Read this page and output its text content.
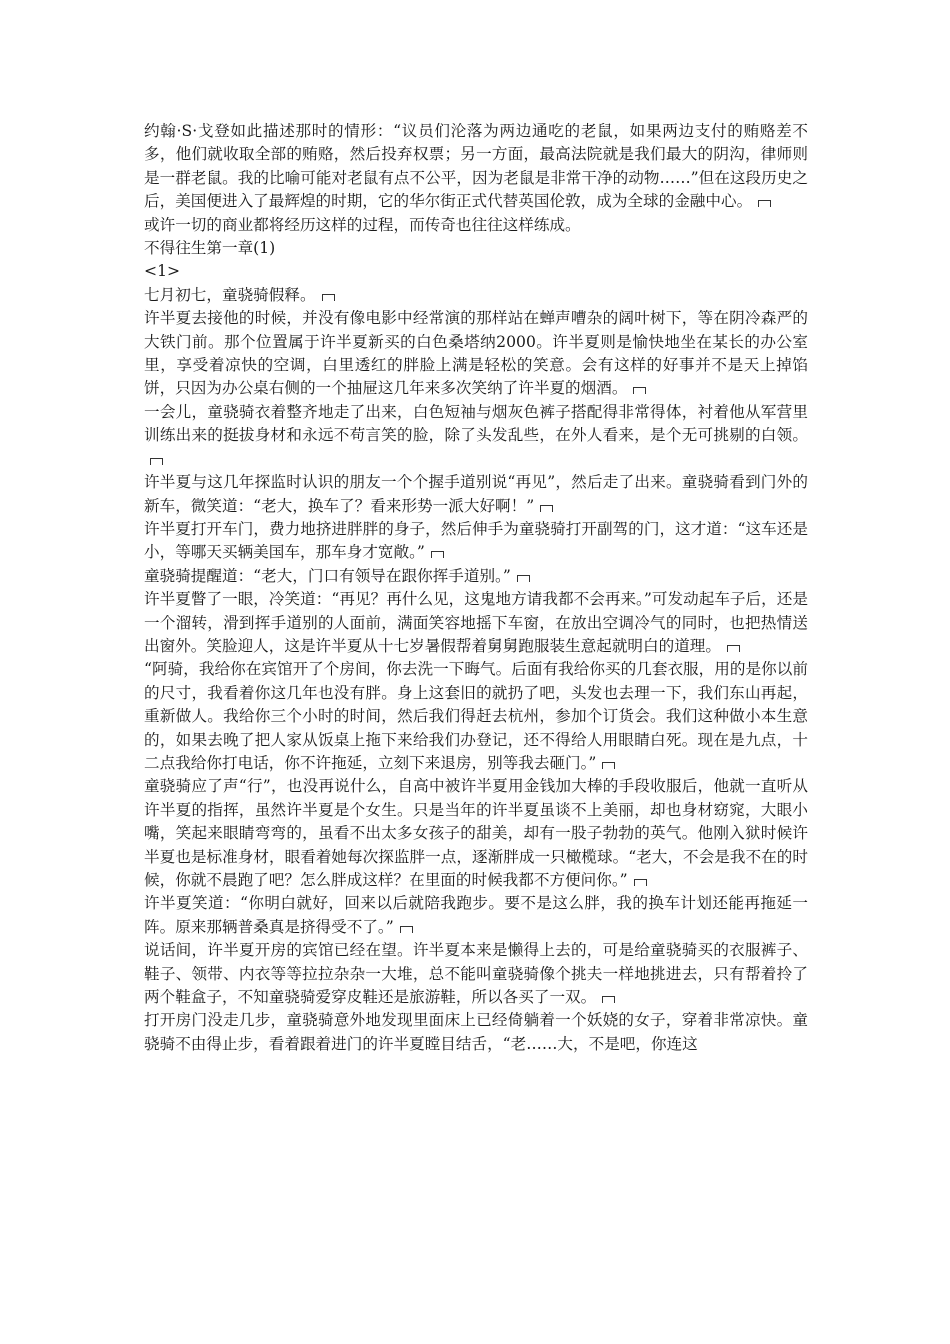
约翰·S·戈登如此描述那时的情形：“议员们沦落为两边通吃的老鼠，如果两边支付的贿赂差不多，他们就收取全部的贿赂，然后投弃权票；另一方面，最高法院就是我们最大的阴沟，律师则是一群老鼠。我的比喻可能对老鼠有点不公平，因为老鼠是非常干净的动物……”但在这段历史之后，美国便进入了最辉煌的时期，它的华尔街正式代替英国伦敦，成为全球的金融中心。

或许一切的商业都将经历这样的过程，而传奇也往往这样练成。

不得往生第一章(1)

<1>

七月初七，童骁骑假释。

许半夏去接他的时候，并没有像电影中经常演的那样站在蝉声嘈杂的阔叶树下，等在阴冷森严的大铁门前。那个位置属于许半夏新买的白色桑塔纳2000。许半夏则是愉快地坐在某长的办公室里，享受着凉快的空调，白里透红的胖脸上满是轻松的笑意。会有这样的好事并不是天上掉馅饼，只因为办公桌右侧的一个抽屉这几年来多次笑纳了许半夏的烟酒。

一会儿，童骁骑衣着整齐地走了出来，白色短袖与烟灰色裤子搭配得非常得体，衬着他从军营里训练出来的挺拔身材和永远不苟言笑的脸，除了头发乱些，在外人看来，是个无可挑剔的白领。

许半夏与这几年探监时认识的朋友一个个握手道别说“再见”，然后走了出来。童骁骑看到门外的新车，微笑道：“老大，换车了？看来形势一派大好啊！”

许半夏打开车门，费力地挤进胖胖的身子，然后伸手为童骁骑打开副驾的门，这才道：“这车还是小，等哪天买辆美国车，那车身才宽敞。”

童骁骑提醒道：“老大，门口有领导在跟你挥手道别。”

许半夏瞥了一眼，冷笑道：“再见？再什么见，这鬼地方请我都不会再来。”可发动起车子后，还是一个溜转，滑到挥手道别的人面前，满面笑容地摇下车窗，在放出空调冷气的同时，也把热情送出窗外。笑脸迎人，这是许半夏从十七岁暑假帮着舅舅跑服装生意起就明白的道理。

“阿骑，我给你在宾馆开了个房间，你去洗一下晦气。后面有我给你买的几套衣服，用的是你以前的尺寸，我看着你这几年也没有胖。身上这套旧的就扔了吧，头发也去理一下，我们东山再起，重新做人。我给你三个小时的时间，然后我们得赶去杭州，参加个订货会。我们这种做小本生意的，如果去晚了把人家从饭桌上拖下来给我们办登记，还不得给人用眼睛白死。现在是九点，十二点我给你打电话，你不许拖延，立刻下来退房，别等我去砸门。”

童骁骑应了声“行”，也没再说什么，自高中被许半夏用金钱加大棒的手段收服后，他就一直听从许半夏的指挥，虽然许半夏是个女生。只是当年的许半夏虽谈不上美丽，却也身材窈窕，大眼小嘴，笑起来眼睛弯弯的，虽看不出太多女孩子的甜美，却有一股子勃勃的英气。他刚入狱时候许半夏也是标准身材，眼看着她每次探监胖一点，逐渐胖成一只橄榄球。“老大，不会是我不在的时候，你就不晨跑了吧？怎么胖成这样？在里面的时候我都不方便问你。”

许半夏笑道：“你明白就好，回来以后就陪我跑步。要不是这么胖，我的换车计划还能再拖延一阵。原来那辆普桑真是挤得受不了。”

说话间，许半夏开房的宾馆已经在望。许半夏本来是懒得上去的，可是给童骁骑买的衣服裤子、鞋子、领带、内衣等等拉拉杂杂一大堆，总不能叫童骁骑像个挑夫一样地挑进去，只有帮着拎了两个鞋盒子，不知童骁骑爱穿皮鞋还是旅游鞋，所以各买了一双。

打开房门没走几步，童骁骑意外地发现里面床上已经倚躺着一个妖娆的女子，穿着非常凉快。童骁骑不由得止步，看着跟着进门的许半夏瞠目结舌，“老……大，不是吧，你连这
